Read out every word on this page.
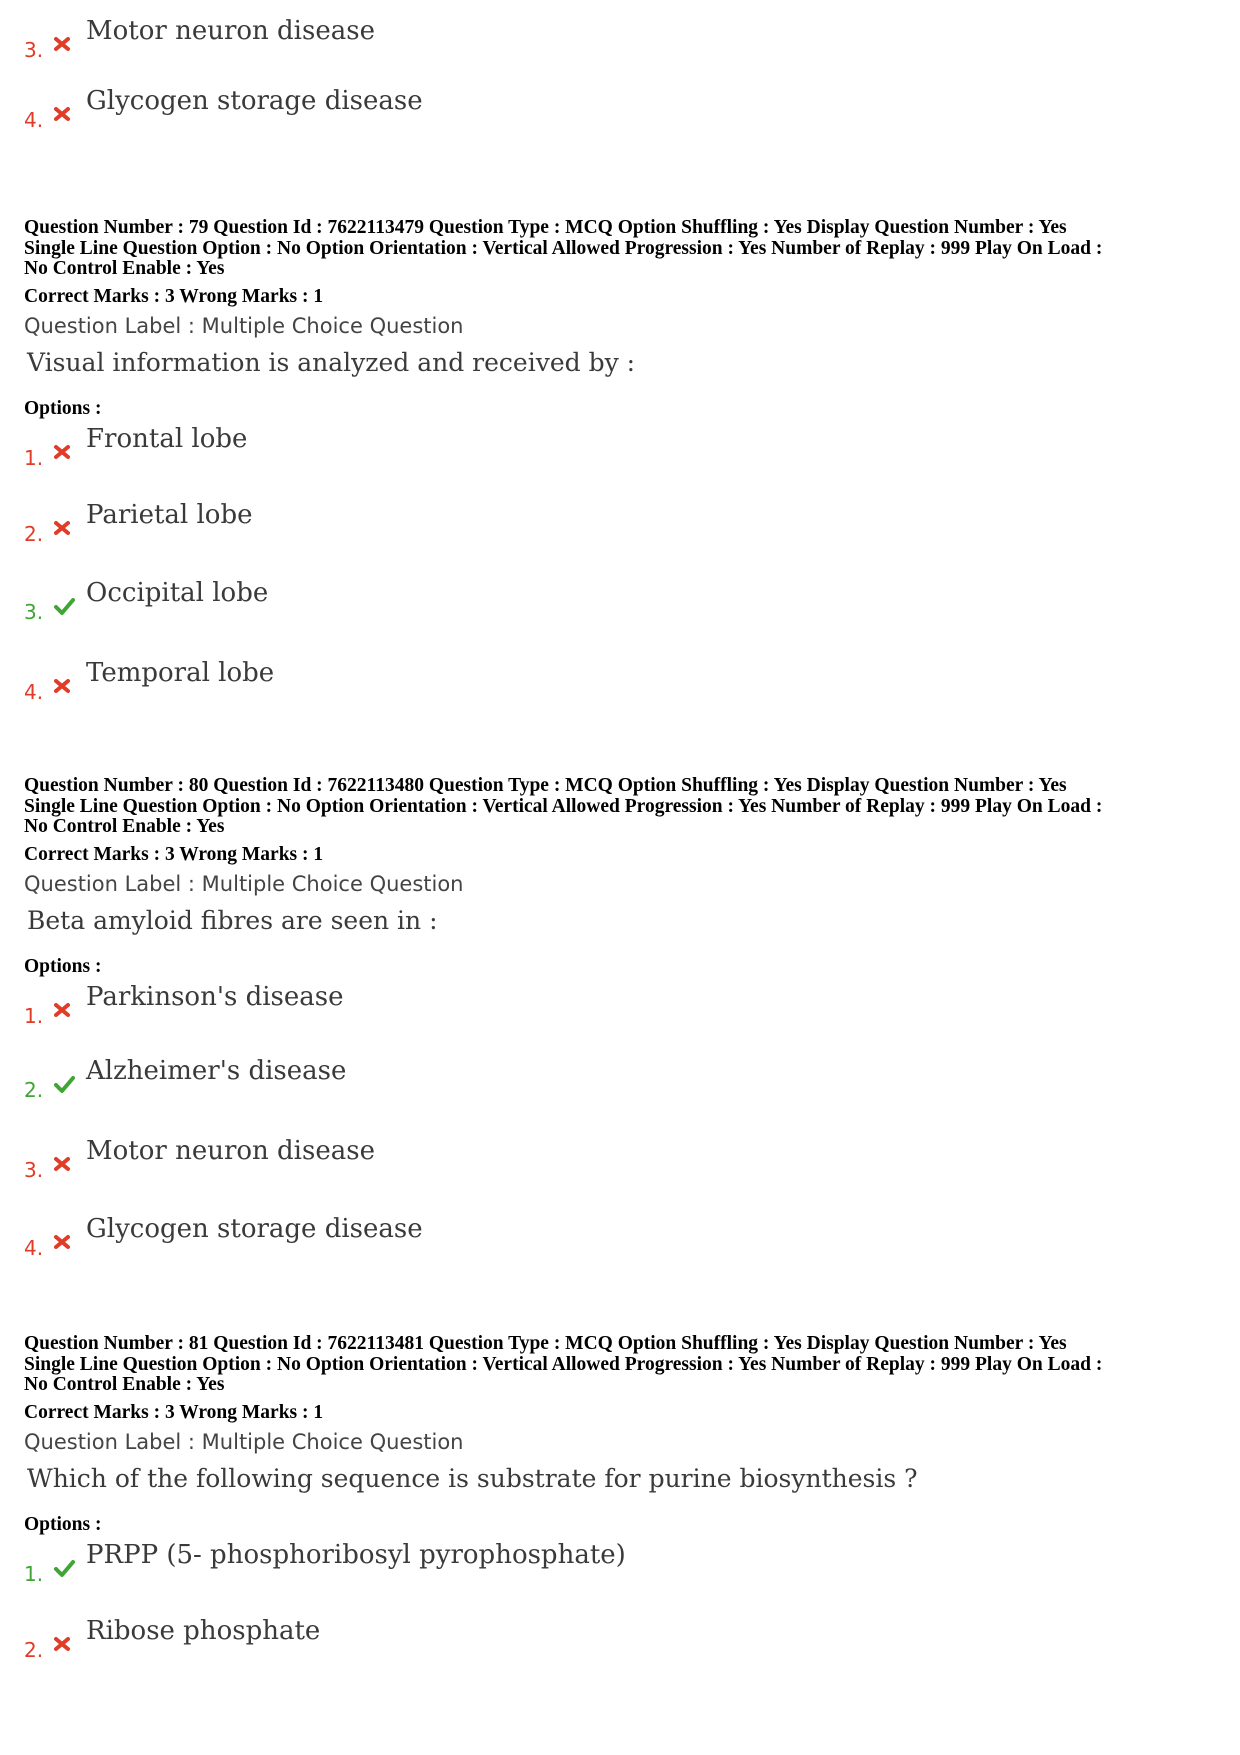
3.
Motor neuron disease
4.
Glycogen storage disease
Question Number : 79 Question Id : 7622113479 Question Type : MCQ Option Shuffling : Yes Display Question Number : Yes
Single Line Question Option : No Option Orientation : Vertical Allowed Progression : Yes Number of Replay : 999 Play On Load :
No Control Enable : Yes
Correct Marks : 3 Wrong Marks : 1
Question Label : Multiple Choice Question
Visual information is analyzed and received by :
Options :
1.
Frontal lobe
2.
Parietal lobe
3.
Occipital lobe
4.
Temporal lobe
Question Number : 80 Question Id : 7622113480 Question Type : MCQ Option Shuffling : Yes Display Question Number : Yes
Single Line Question Option : No Option Orientation : Vertical Allowed Progression : Yes Number of Replay : 999 Play On Load :
No Control Enable : Yes
Correct Marks : 3 Wrong Marks : 1
Question Label : Multiple Choice Question
Beta amyloid fibres are seen in :
Options :
1.
Parkinson's disease
2.
Alzheimer's disease
3.
Motor neuron disease
4.
Glycogen storage disease
Question Number : 81 Question Id : 7622113481 Question Type : MCQ Option Shuffling : Yes Display Question Number : Yes
Single Line Question Option : No Option Orientation : Vertical Allowed Progression : Yes Number of Replay : 999 Play On Load :
No Control Enable : Yes
Correct Marks : 3 Wrong Marks : 1
Question Label : Multiple Choice Question
Which of the following sequence is substrate for purine biosynthesis ?
Options :
1.
PRPP (5- phosphoribosyl pyrophosphate)
2.
Ribose phosphate
